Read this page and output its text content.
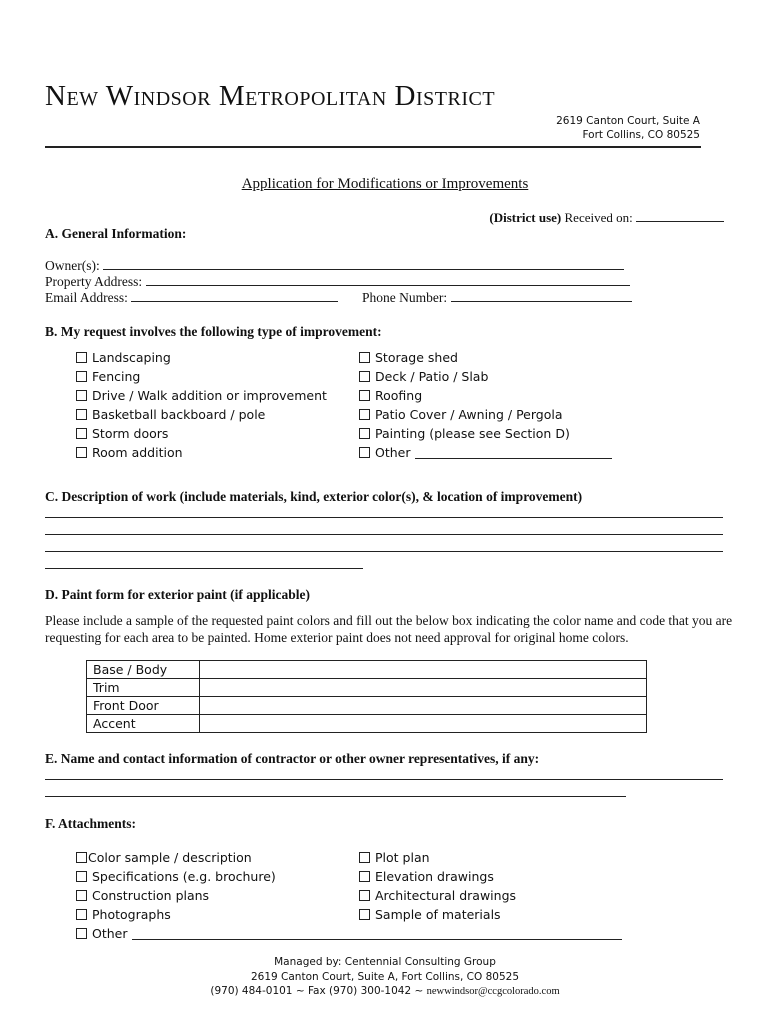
New Windsor Metropolitan District
2619 Canton Court, Suite A
Fort Collins, CO 80525
Application for Modifications or Improvements
(District use) Received on:
A. General Information:
Owner(s):
Property Address:
Email Address:	Phone Number:
B. My request involves the following type of improvement:
Landscaping
Fencing
Drive / Walk addition or improvement
Basketball backboard / pole
Storm doors
Room addition
Storage shed
Deck / Patio / Slab
Roofing
Patio Cover / Awning / Pergola
Painting (please see Section D)
Other
C. Description of work (include materials, kind, exterior color(s), & location of improvement)
D. Paint form for exterior paint (if applicable)
Please include a sample of the requested paint colors and fill out the below box indicating the color name and code that you are requesting for each area to be painted. Home exterior paint does not need approval for original home colors.
Base / Body	
Trim	
Front Door	
Accent	
E. Name and contact information of contractor or other owner representatives, if any:
F. Attachments:
Color sample / description
Specifications (e.g. brochure)
Construction plans
Photographs
Other
Plot plan
Elevation drawings
Architectural drawings
Sample of materials
Managed by: Centennial Consulting Group
2619 Canton Court, Suite A, Fort Collins, CO 80525
(970) 484-0101 ~ Fax (970) 300-1042 ~ newwindsor@ccgcolorado.com
